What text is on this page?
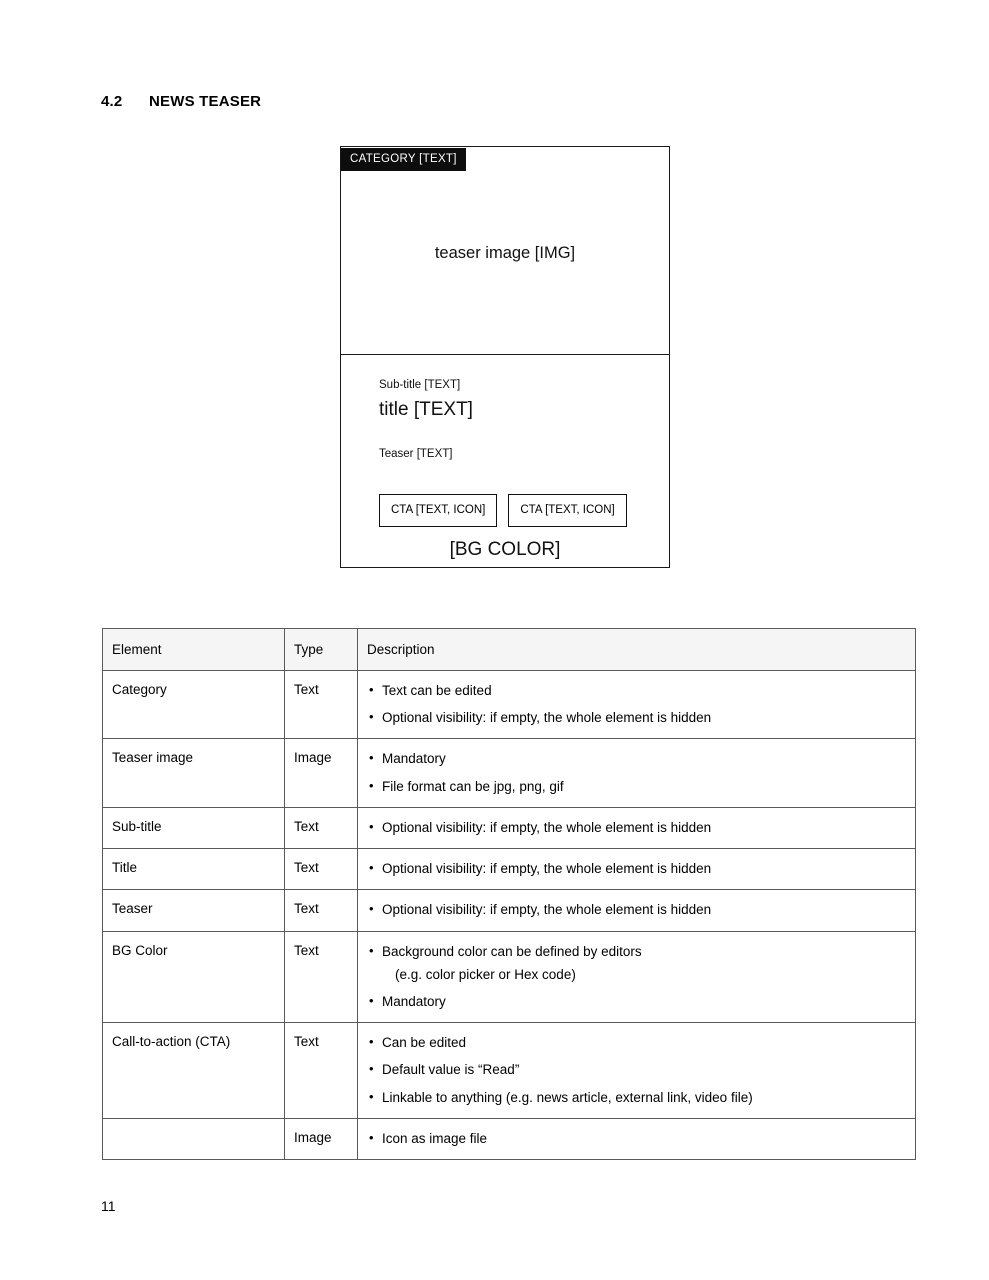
4.2 NEWS TEASER
CATEGORY [TEXT]
teaser image [IMG]
Sub-title [TEXT]
title [TEXT]
Teaser [TEXT]
CTA [TEXT, ICON]	CTA [TEXT, ICON]
[BG COLOR]
Element	Type	Description
Category	Text	
•Text can be edited
• Optional visibility: if empty, the whole element is hidden

Teaser image	Image	
•Mandatory
• File format can be jpg, png, gif

Sub-title	Text	
•Optional visibility: if empty, the whole element is hidden

Title	Text	
•Optional visibility: if empty, the whole element is hidden

Teaser	Text	
•Optional visibility: if empty, the whole element is hidden

BG Color	Text	
•Background color can be defined by editors
(e.g. color picker or Hex code)
• Mandatory

Call-to-action (CTA)	Text	
•Can be edited
• Default value is “Read”
• Linkable to anything (e.g. news article, external link, video file)

	Image	
•Icon as image file
11
